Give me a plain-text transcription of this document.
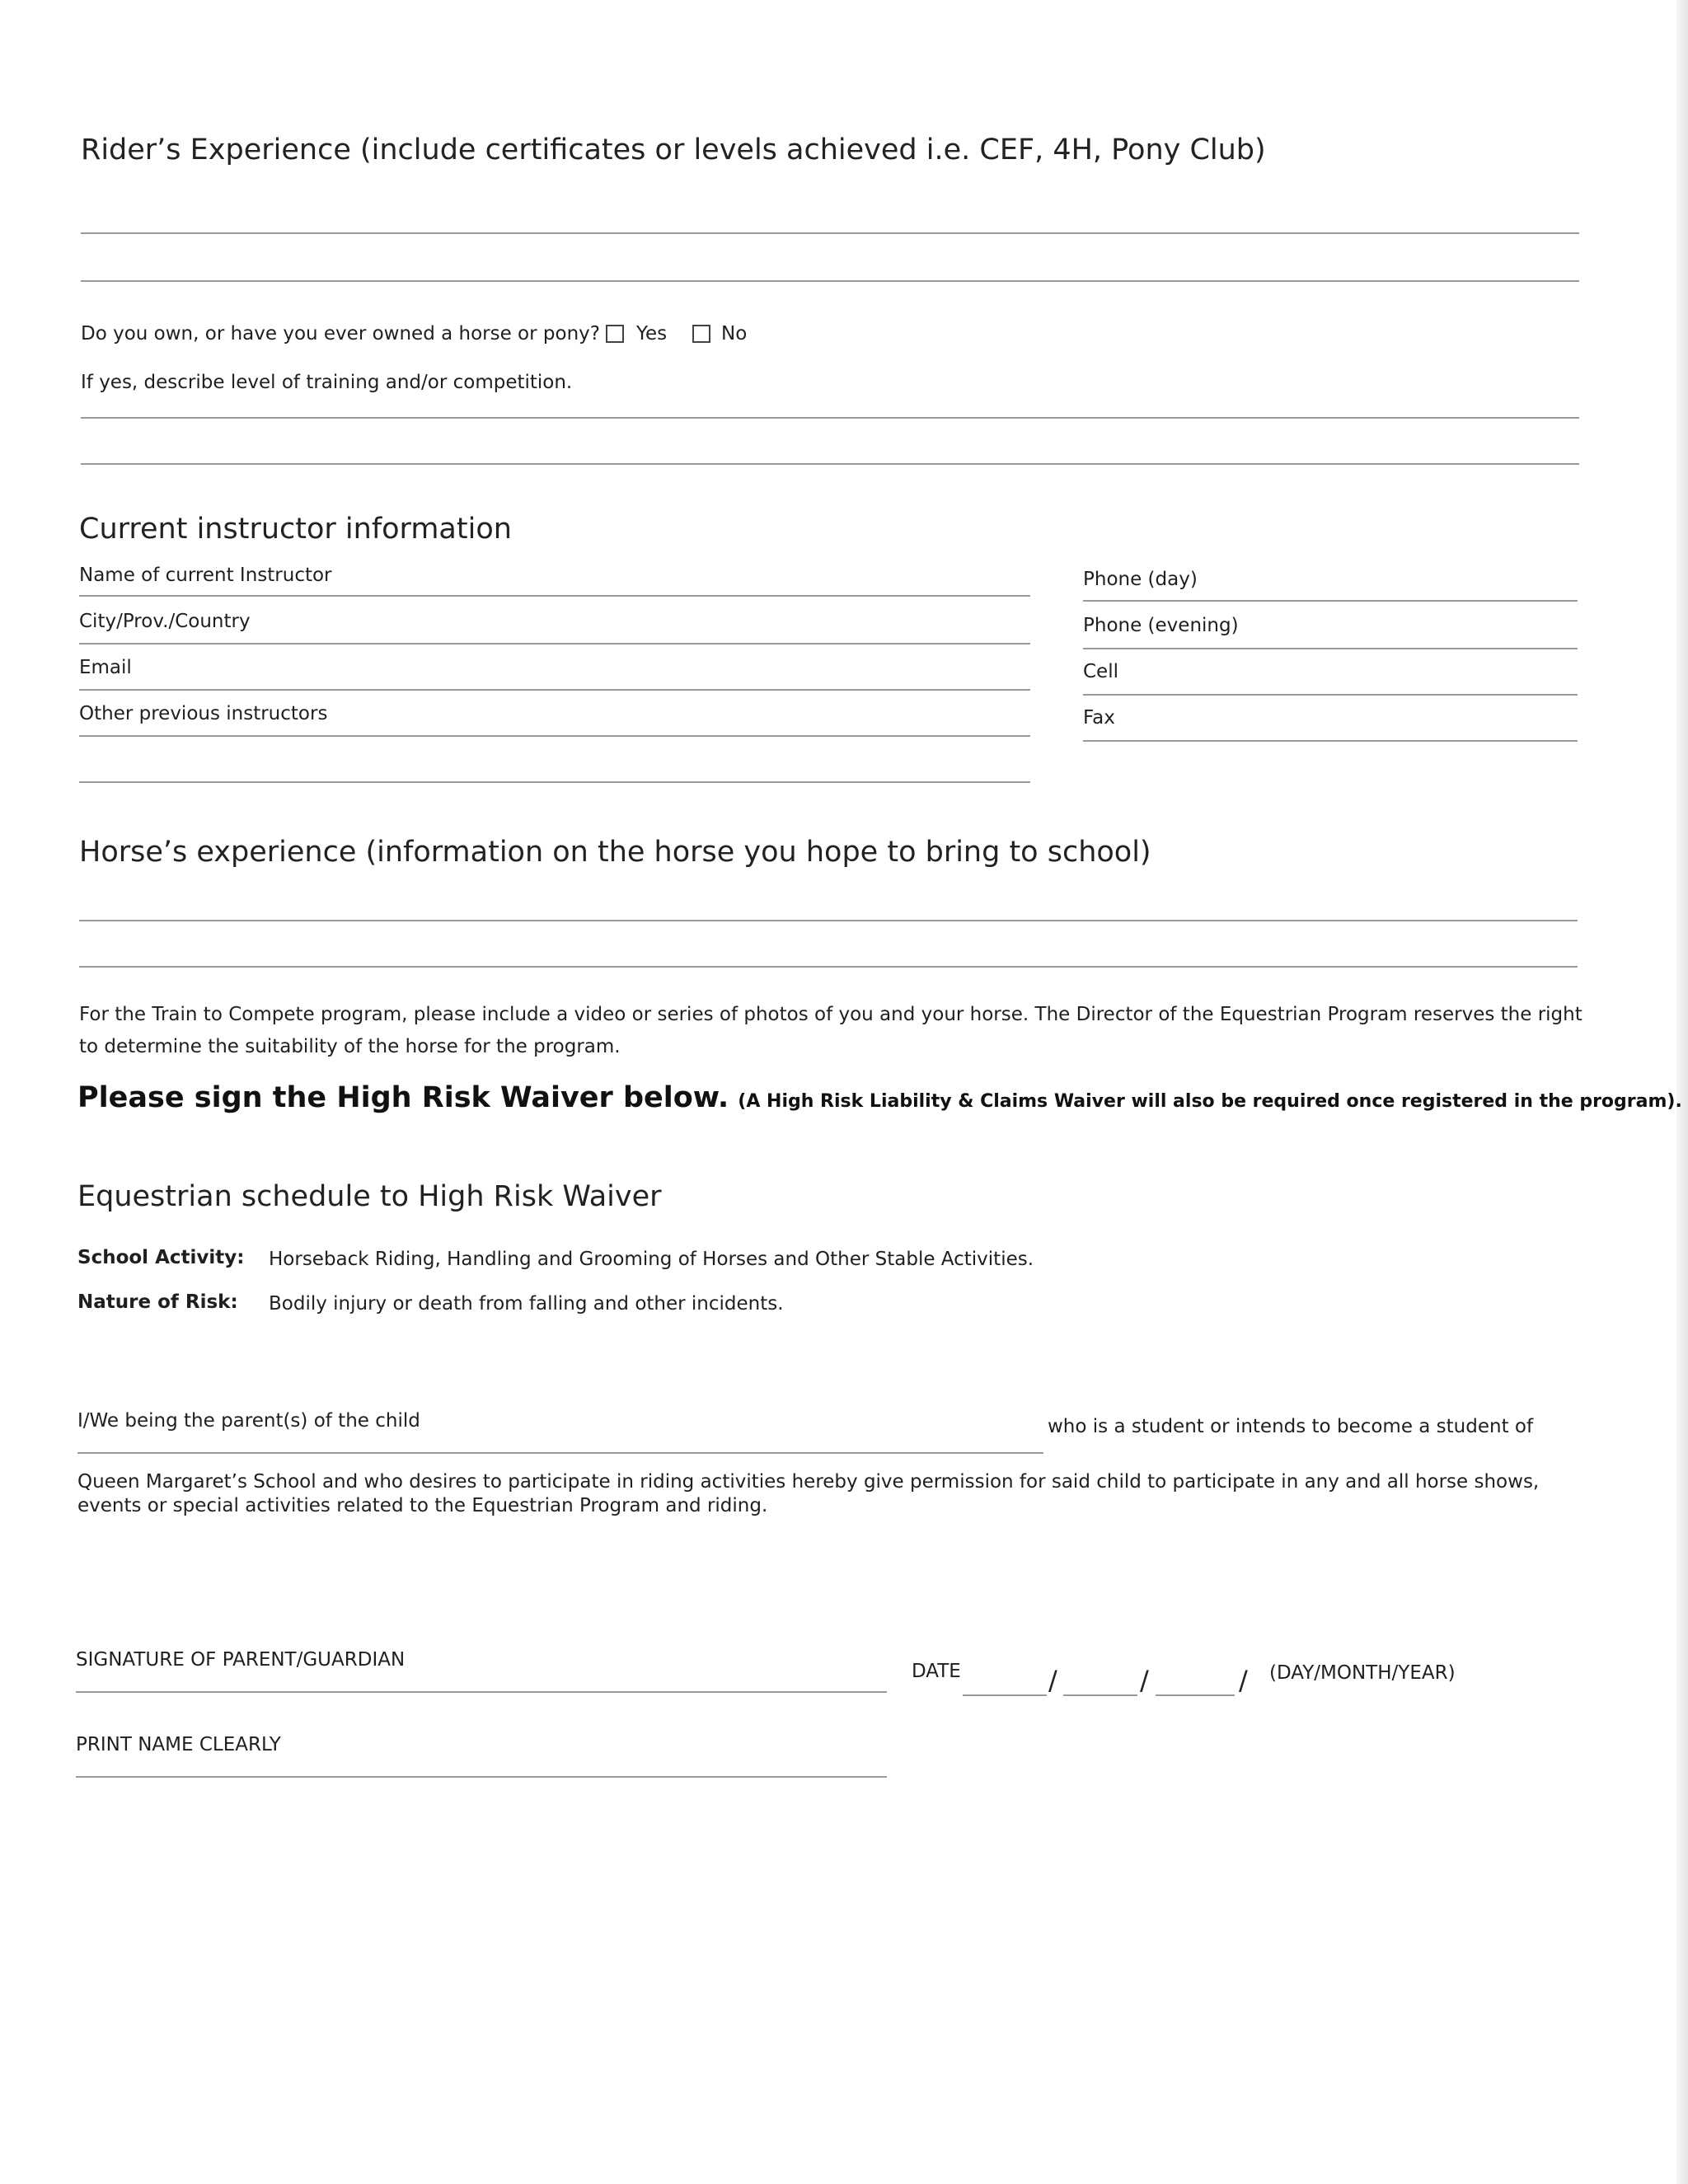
Rider’s Experience (include certificates or levels achieved i.e. CEF, 4H, Pony Club)
Do you own, or have you ever owned a horse or pony? Yes	No
If yes, describe level of training and/or competition.
Current instructor information
Name of current Instructor
City/Prov./Country
Email
Other previous instructors
Phone (day)
Phone (evening)
Cell
Fax
Horse’s experience (information on the horse you hope to bring to school)
For the Train to Compete program, please include a video or series of photos of you and your horse. The Director of the Equestrian Program reserves the right
to determine the suitability of the horse for the program.
Please sign the High Risk Waiver below. (A High Risk Liability & Claims Waiver will also be required once registered in the program).
Equestrian schedule to High Risk Waiver
School Activity: Horseback Riding, Handling and Grooming of Horses and Other Stable Activities.
Nature of Risk: Bodily injury or death from falling and other incidents.
I/We being the parent(s) of the child	who is a student or intends to become a student of
Queen Margaret’s School and who desires to participate in riding activities hereby give permission for said child to participate in any and all horse shows,
events or special activities related to the Equestrian Program and riding.
SIGNATURE OF PARENT/GUARDIAN
DATE	/	/	/ (DAY/MONTH/YEAR)
PRINT NAME CLEARLY
